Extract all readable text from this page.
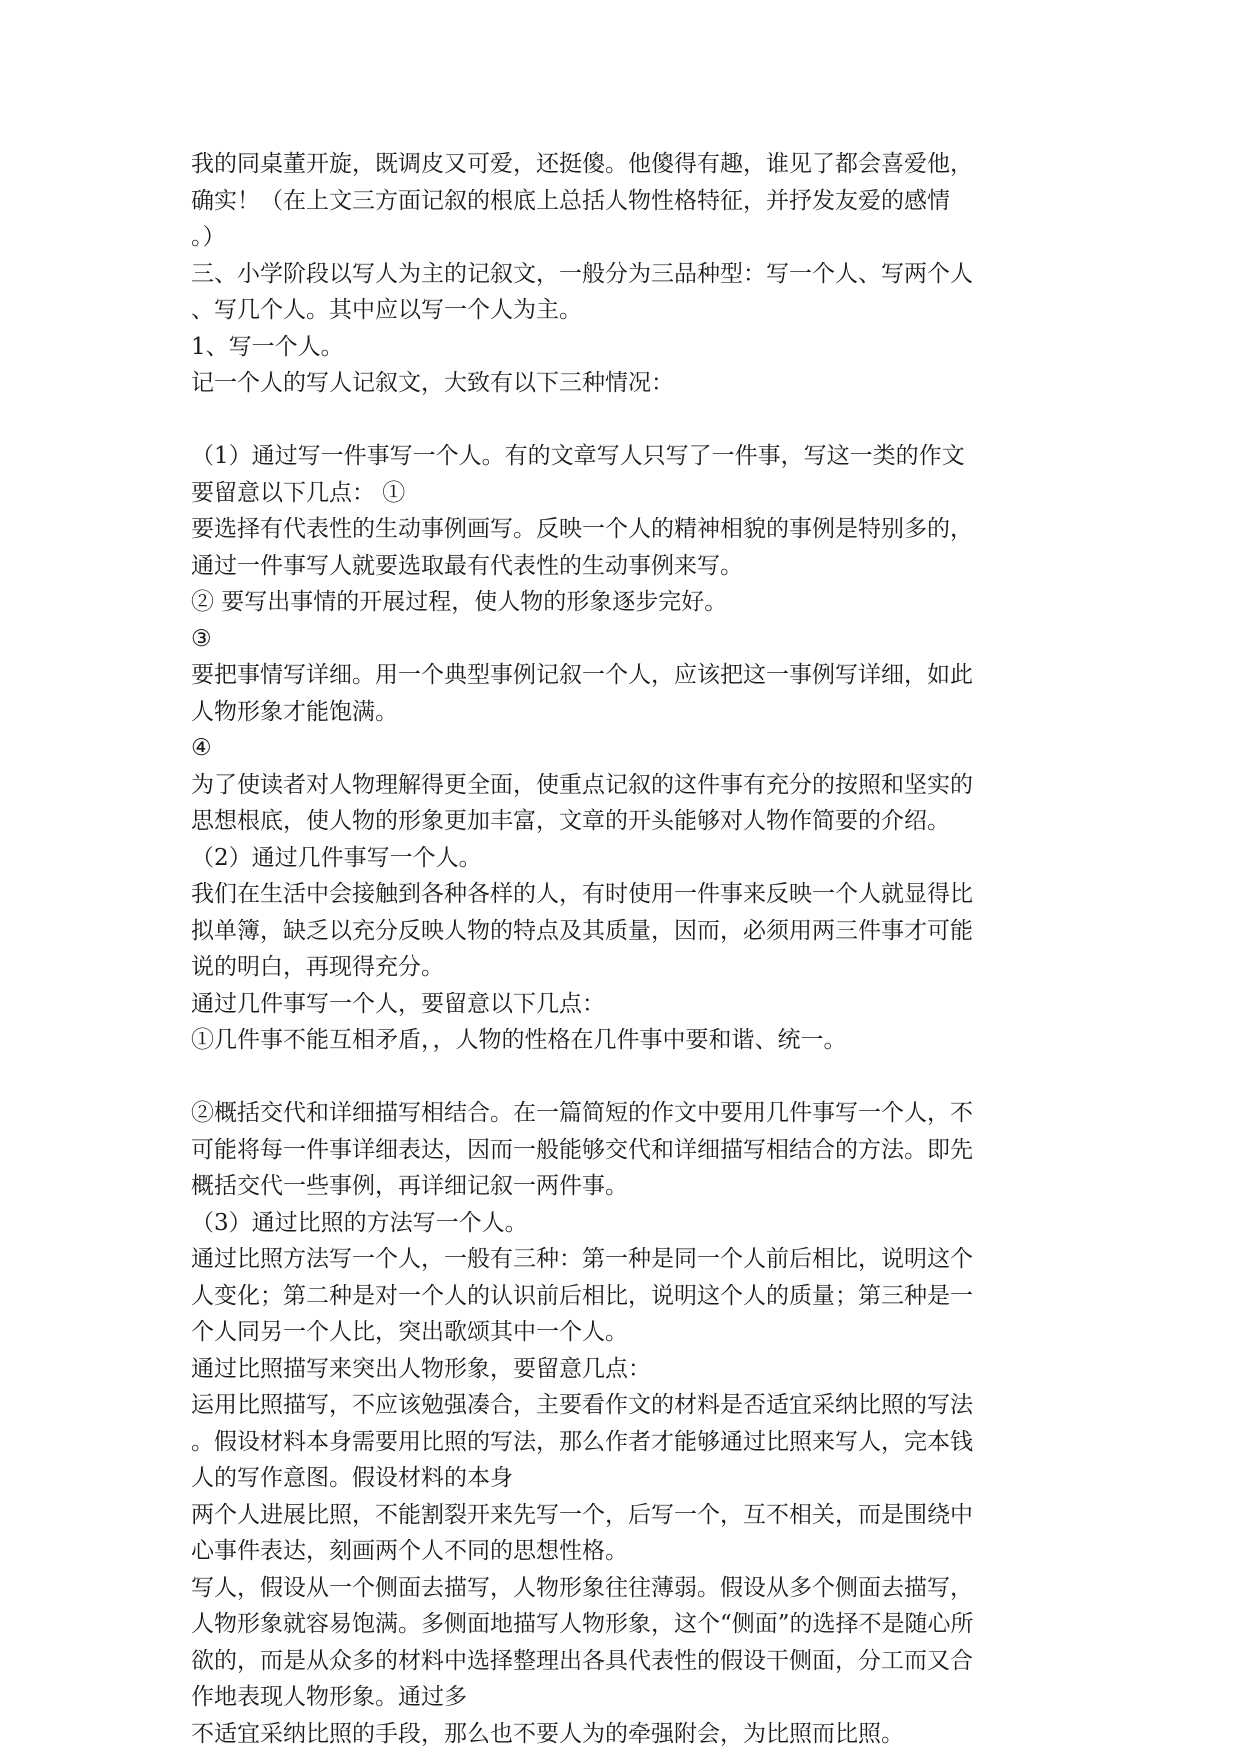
我的同桌董开旋，既调皮又可爱，还挺傻。他傻得有趣，谁见了都会喜爱他，
确实！（在上文三方面记叙的根底上总括人物性格特征，并抒发友爱的感情
。）
三、小学阶段以写人为主的记叙文，一般分为三品种型：写一个人、写两个人
、写几个人。其中应以写一个人为主。
1、写一个人。
记一个人的写人记叙文，大致有以下三种情况：
（1）通过写一件事写一个人。有的文章写人只写了一件事，写这一类的作文
要留意以下几点： ①
要选择有代表性的生动事例画写。反映一个人的精神相貌的事例是特别多的，
通过一件事写人就要选取最有代表性的生动事例来写。
② 要写出事情的开展过程，使人物的形象逐步完好。
③
要把事情写详细。用一个典型事例记叙一个人，应该把这一事例写详细，如此
人物形象才能饱满。
④
为了使读者对人物理解得更全面，使重点记叙的这件事有充分的按照和坚实的
思想根底，使人物的形象更加丰富，文章的开头能够对人物作简要的介绍。
（2）通过几件事写一个人。
我们在生活中会接触到各种各样的人，有时使用一件事来反映一个人就显得比
拟单簿，缺乏以充分反映人物的特点及其质量，因而，必须用两三件事才可能
说的明白，再现得充分。
通过几件事写一个人，要留意以下几点：
①几件事不能互相矛盾，，人物的性格在几件事中要和谐、统一。
②概括交代和详细描写相结合。在一篇简短的作文中要用几件事写一个人，不
可能将每一件事详细表达，因而一般能够交代和详细描写相结合的方法。即先
概括交代一些事例，再详细记叙一两件事。
（3）通过比照的方法写一个人。
通过比照方法写一个人，一般有三种：第一种是同一个人前后相比，说明这个
人变化；第二种是对一个人的认识前后相比，说明这个人的质量；第三种是一
个人同另一个人比，突出歌颂其中一个人。
通过比照描写来突出人物形象，要留意几点：
运用比照描写，不应该勉强凑合，主要看作文的材料是否适宜采纳比照的写法
。假设材料本身需要用比照的写法，那么作者才能够通过比照来写人，完本钱
人的写作意图。假设材料的本身
两个人进展比照，不能割裂开来先写一个，后写一个，互不相关，而是围绕中
心事件表达，刻画两个人不同的思想性格。
写人，假设从一个侧面去描写，人物形象往往薄弱。假设从多个侧面去描写，
人物形象就容易饱满。多侧面地描写人物形象，这个“侧面”的选择不是随心所
欲的，而是从众多的材料中选择整理出各具代表性的假设干侧面，分工而又合
作地表现人物形象。通过多
不适宜采纳比照的手段，那么也不要人为的牵强附会，为比照而比照。
